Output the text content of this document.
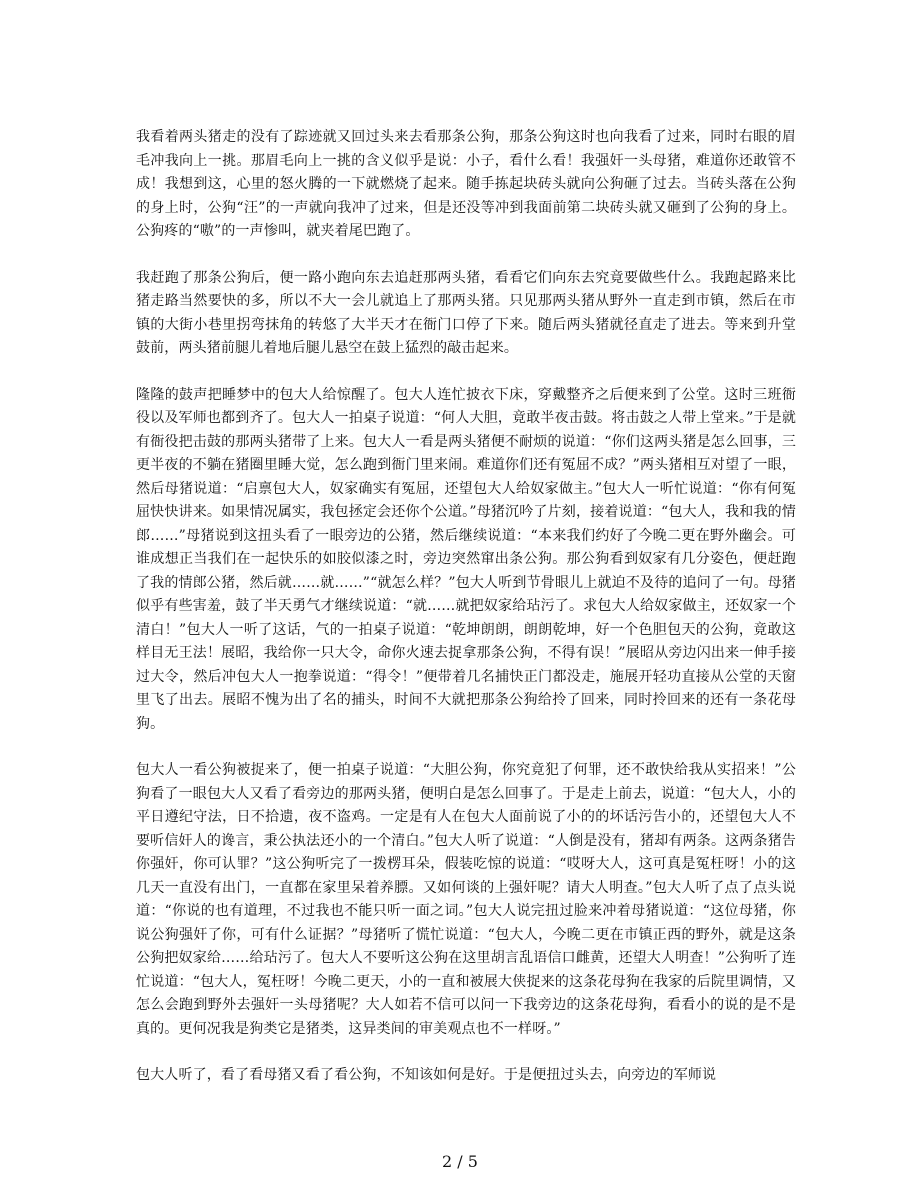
我看着两头猪走的没有了踪迹就又回过头来去看那条公狗，那条公狗这时也向我看了过来，同时右眼的眉毛冲我向上一挑。那眉毛向上一挑的含义似乎是说：小子，看什么看！我强奸一头母猪，难道你还敢管不成！我想到这，心里的怒火腾的一下就燃烧了起来。随手拣起块砖头就向公狗砸了过去。当砖头落在公狗的身上时，公狗“汪”的一声就向我冲了过来，但是还没等冲到我面前第二块砖头就又砸到了公狗的身上。公狗疼的“嗷”的一声惨叫，就夹着尾巴跑了。

我赶跑了那条公狗后，便一路小跑向东去追赶那两头猪，看看它们向东去究竟要做些什么。我跑起路来比猪走路当然要快的多，所以不大一会儿就追上了那两头猪。只见那两头猪从野外一直走到市镇，然后在市镇的大街小巷里拐弯抹角的转悠了大半天才在衙门口停了下来。随后两头猪就径直走了进去。等来到升堂鼓前，两头猪前腿儿着地后腿儿悬空在鼓上猛烈的敲击起来。

隆隆的鼓声把睡梦中的包大人给惊醒了。包大人连忙披衣下床，穿戴整齐之后便来到了公堂。这时三班衙役以及军师也都到齐了。包大人一拍桌子说道：“何人大胆，竟敢半夜击鼓。将击鼓之人带上堂来。”于是就有衙役把击鼓的那两头猪带了上来。包大人一看是两头猪便不耐烦的说道：“你们这两头猪是怎么回事，三更半夜的不躺在猪圈里睡大觉，怎么跑到衙门里来闹。难道你们还有冤屈不成？”两头猪相互对望了一眼，然后母猪说道：“启禀包大人，奴家确实有冤屈，还望包大人给奴家做主。”包大人一听忙说道：“你有何冤屈快快讲来。如果情况属实，我包拯定会还你个公道。”母猪沉吟了片刻，接着说道：“包大人，我和我的情郎……”母猪说到这扭头看了一眼旁边的公猪，然后继续说道：“本来我们约好了今晚二更在野外幽会。可谁成想正当我们在一起快乐的如胶似漆之时，旁边突然窜出条公狗。那公狗看到奴家有几分姿色，便赶跑了我的情郎公猪，然后就……就……”“就怎么样？”包大人听到节骨眼儿上就迫不及待的追问了一句。母猪似乎有些害羞，鼓了半天勇气才继续说道：“就……就把奴家给玷污了。求包大人给奴家做主，还奴家一个清白！”包大人一听了这话，气的一拍桌子说道：“乾坤朗朗，朗朗乾坤，好一个色胆包天的公狗，竟敢这样目无王法！展昭，我给你一只大令，命你火速去捉拿那条公狗，不得有误！”展昭从旁边闪出来一伸手接过大令，然后冲包大人一抱拳说道：“得令！”便带着几名捕快正门都没走，施展开轻功直接从公堂的天窗里飞了出去。展昭不愧为出了名的捕头，时间不大就把那条公狗给拎了回来，同时拎回来的还有一条花母狗。

包大人一看公狗被捉来了，便一拍桌子说道：“大胆公狗，你究竟犯了何罪，还不敢快给我从实招来！”公狗看了一眼包大人又看了看旁边的那两头猪，便明白是怎么回事了。于是走上前去，说道：“包大人，小的平日遵纪守法，日不拾遗，夜不盗鸡。一定是有人在包大人面前说了小的的坏话污告小的，还望包大人不要听信奸人的谗言，秉公执法还小的一个清白。”包大人听了说道：“人倒是没有，猪却有两条。这两条猪告你强奸，你可认罪？”这公狗听完了一拨楞耳朵，假装吃惊的说道：“哎呀大人，这可真是冤枉呀！小的这几天一直没有出门，一直都在家里呆着养膘。又如何谈的上强奸呢？请大人明查。”包大人听了点了点头说道：“你说的也有道理，不过我也不能只听一面之词。”包大人说完扭过脸来冲着母猪说道：“这位母猪，你说公狗强奸了你，可有什么证据？”母猪听了慌忙说道：“包大人，今晚二更在市镇正西的野外，就是这条公狗把奴家给……给玷污了。包大人不要听这公狗在这里胡言乱语信口雌黄，还望大人明查！”公狗听了连忙说道：“包大人，冤枉呀！今晚二更天，小的一直和被展大侠捉来的这条花母狗在我家的后院里调情，又怎么会跑到野外去强奸一头母猪呢？大人如若不信可以问一下我旁边的这条花母狗，看看小的说的是不是真的。更何况我是狗类它是猪类，这异类间的审美观点也不一样呀。”

包大人听了，看了看母猪又看了看公狗，不知该如何是好。于是便扭过头去，向旁边的军师说

2 / 5
